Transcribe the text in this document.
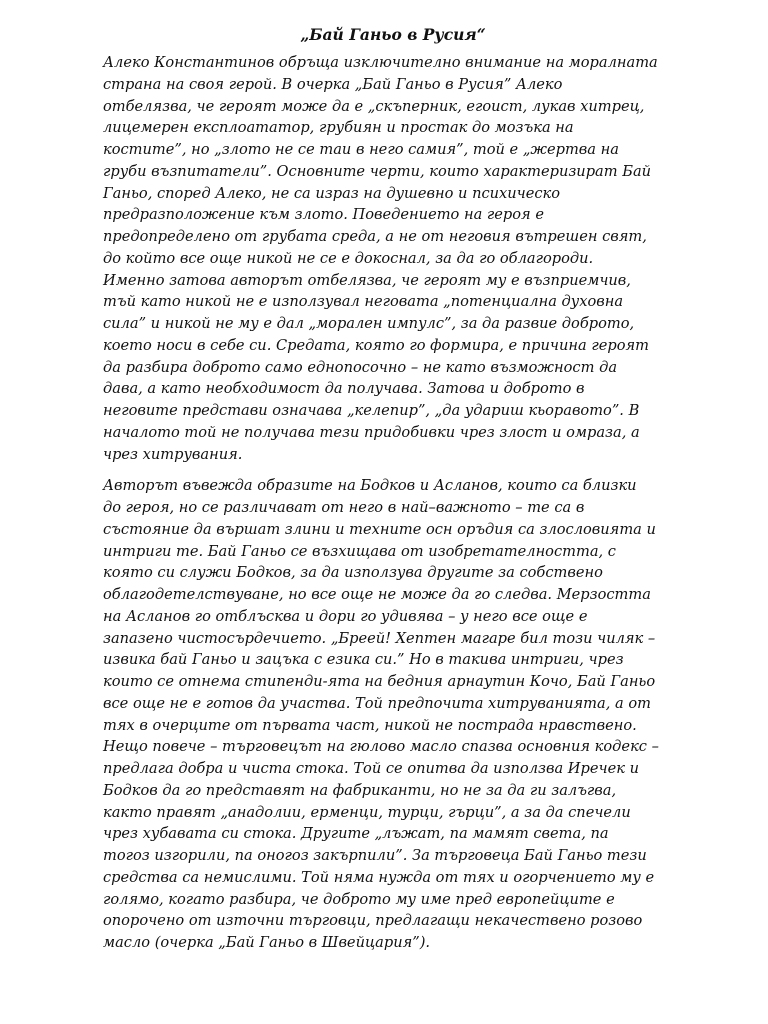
„Бай Ганьо в Русия“
Алеко Константинов обръща изключително внимание на моралната
страна на своя герой. В очерка „Бай Ганьо в Русия” Алеко
отбелязва, че героят може да е „скъперник, егоист, лукав хитрец,
лицемерен експлоататор, грубиян и простак до мозъка на
костите”, но „злото не се таи в него самия”, той е „жертва на
груби възпитатели”. Основните черти, които характеризират Бай
Ганьо, според Алеко, не са израз на душевно и психическо
предразположение към злото. Поведението на героя е
предопределено от грубата среда, а не от неговия вътрешен свят,
до който все още никой не се е докоснал, за да го облагороди.
Именно затова авторът отбелязва, че героят му е възприемчив,
тъй като никой не е използувал неговата „потенциална духовна
сила” и никой не му е дал „морален импулс”, за да развие доброто,
което носи в себе си. Средата, която го формира, е причина героят
да разбира доброто само еднопосочно – не като възможност да
дава, а като необходимост да получава. Затова и доброто в
неговите представи означава „келепир”, „да удариш кьоравото”. В
началото той не получава тези придобивки чрез злост и омраза, а
чрез хитрувания.
Авторът въвежда образите на Бодков и Асланов, които са близки
до героя, но се различават от него в най–важното – те са в
състояние да вършат злини и техните осн оръдия са злословията и
интриги те. Бай Ганьо се възхищава от изобретателността, с
която си служи Бодков, за да използува другите за собствено
облагодетелствуване, но все още не може да го следва. Мерзостта
на Асланов го отблъсква и дори го удивява – у него все още е
запазено чистосърдечието. „Бреей! Хептен магаре бил този чиляк –
извика бай Ганьо и зацъка с езика си.” Но в такива интриги, чрез
които се отнема стипенди-ята на бедния арнаутин Кочо, Бай Ганьо
все още не е готов да участва. Той предпочита хитруванията, а от
тях в очерците от първата част, никой не пострада нравствено.
Нещо повече – търговецът на гюлово масло спазва основния кодекс –
предлага добра и чиста стока. Той се опитва да използва Иречек и
Бодков да го представят на фабриканти, но не за да ги залъгва,
както правят „анадолии, ерменци, турци, гърци”, а за да спечели
чрез хубавата си стока. Другите „лъжат, па мамят света, па
тогоз изгорили, па оногоз закърпили”. За търговеца Бай Ганьо тези
средства са немислими. Той няма нужда от тях и огорчението му е
голямо, когато разбира, че доброто му име пред европейците е
опорочено от източни търговци, предлагащи некачествено розово
масло (очерка „Бай Ганьо в Швейцария”).
